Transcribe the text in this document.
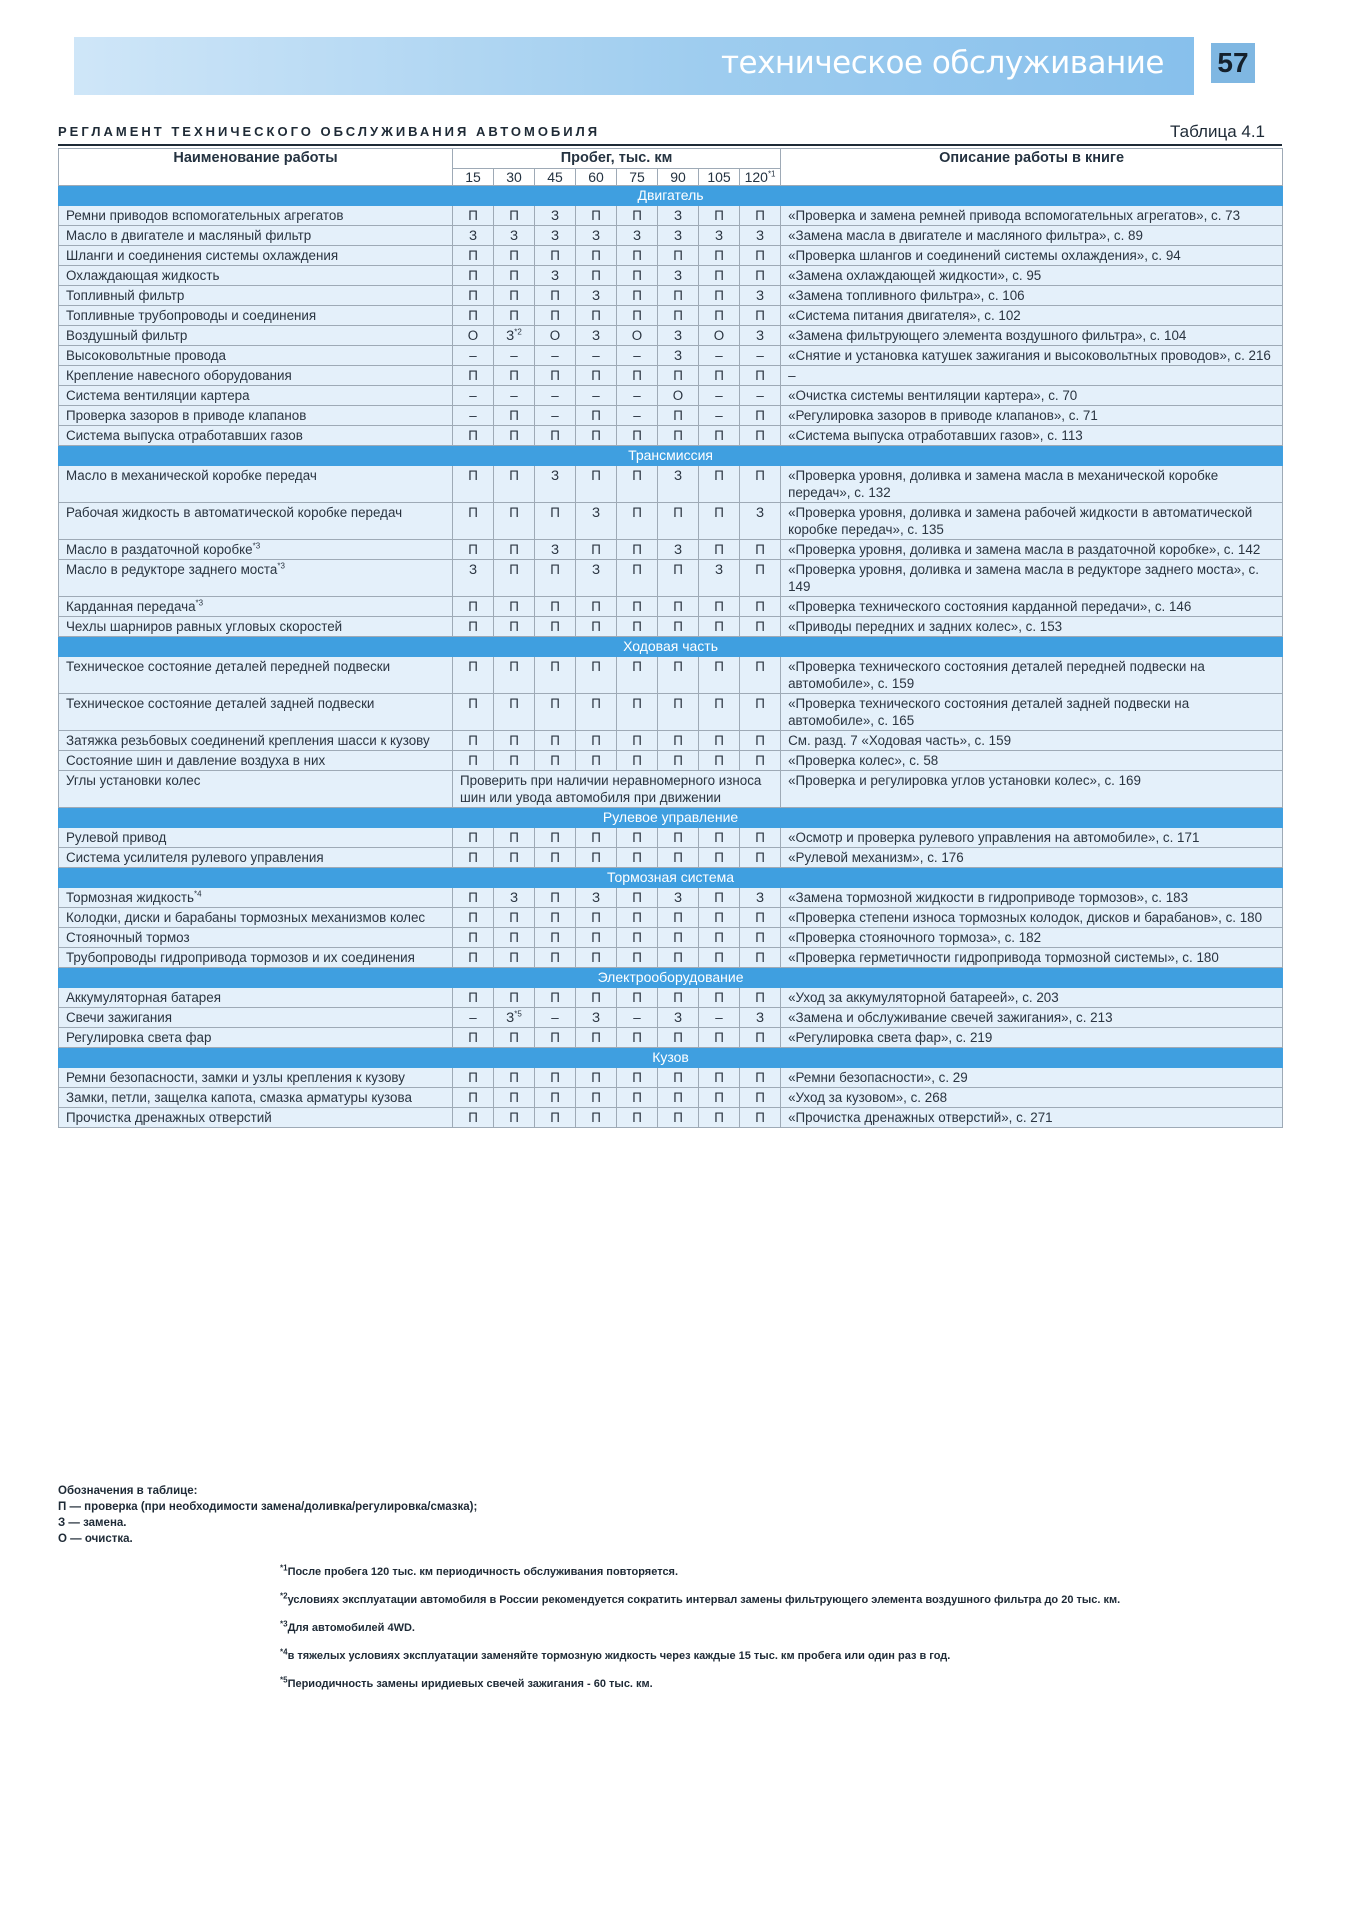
техническое обслуживание 57
РЕГЛАМЕНТ ТЕХНИЧЕСКОГО ОБСЛУЖИВАНИЯ АВТОМОБИЛЯ	Таблица 4.1
Наименование работы	Пробег, тыс. км								Описание работы в книге
	15	30	45	60	75	90	105	120$^{*1}$
Двигатель									
Ремни приводов вспомогательных агрегатов	П	П	З	П	П	З	П	П	«Проверка и замена ремней привода вспомогательных агрегатов», с. 73
Масло в двигателе и масляный фильтр	З	З	З	З	З	З	З	З	«Замена масла в двигателе и масляного фильтра», с. 89
Шланги и соединения системы охлаждения	П	П	П	П	П	П	П	П	«Проверка шлангов и соединений системы охлаждения», с. 94
Охлаждающая жидкость	П	П	З	П	П	З	П	П	«Замена охлаждающей жидкости», с. 95
Топливный фильтр	П	П	П	З	П	П	П	З	«Замена топливного фильтра», с. 106
Топливные трубопроводы и соединения	П	П	П	П	П	П	П	П	«Система питания двигателя», с. 102
Воздушный фильтр	О	$З^{*2}$	О	З	О	З	О	З	«Замена фильтрующего элемента воздушного фильтра», с. 104
Высоковольтные провода	–	–	–	–	–	З	–	–	«Снятие и установка катушек зажигания и высоковольтных проводов», с. 216
Крепление навесного оборудования	П	П	П	П	П	П	П	П	–
Система вентиляции картера	–	–	–	–	–	О	–	–	«Очистка системы вентиляции картера», с. 70
Проверка зазоров в приводе клапанов	–	П	–	П	–	П	–	П	«Регулировка зазоров в приводе клапанов», с. 71
Система выпуска отработавших газов	П	П	П	П	П	П	П	П	«Система выпуска отработавших газов», с. 113
Трансмиссия									
Масло в механической коробке передач	П	П	З	П	П	З	П	П	«Проверка уровня, доливка и замена масла в механической коробке передач», с. 132
Рабочая жидкость в автоматической коробке передач	П	П	П	З	П	П	П	З	«Проверка уровня, доливка и замена рабочей жидкости в автоматической коробке передач», с. 135
Масло в раздаточной коробке$^{*3}$	П	П	З	П	П	З	П	П	«Проверка уровня, доливка и замена масла в раздаточной коробке», с. 142
Масло в редукторе заднего моста$^{*3}$	З	П	П	З	П	П	З	П	«Проверка уровня, доливка и замена масла в редукторе заднего моста», с. 149
Карданная передача$^{*3}$	П	П	П	П	П	П	П	П	«Проверка технического состояния карданной передачи», с. 146
Чехлы шарниров равных угловых скоростей	П	П	П	П	П	П	П	П	«Приводы передних и задних колес», с. 153
Ходовая часть									
Техническое состояние деталей передней подвески	П	П	П	П	П	П	П	П	«Проверка технического состояния деталей передней подвески на автомобиле», с. 159
Техническое состояние деталей задней подвески	П	П	П	П	П	П	П	П	«Проверка технического состояния деталей задней подвески на автомобиле», с. 165
Затяжка резьбовых соединений крепления шасси к кузову	П	П	П	П	П	П	П	П	См. разд. 7 «Ходовая часть», с. 159
Состояние шин и давление воздуха в них	П	П	П	П	П	П	П	П	«Проверка колес», с. 58
Углы установки колес	Проверить при наличии неравномерного износа шин или увода автомобиля при движении								«Проверка и регулировка углов установки колес», с. 169
Рулевое управление									
Рулевой привод	П	П	П	П	П	П	П	П	«Осмотр и проверка рулевого управления на автомобиле», с. 171
Система усилителя рулевого управления	П	П	П	П	П	П	П	П	«Рулевой механизм», с. 176
Тормозная система									
Тормозная жидкость$^{*4}$	П	З	П	З	П	З	П	З	«Замена тормозной жидкости в гидроприводе тормозов», с. 183
Колодки, диски и барабаны тормозных механизмов колес	П	П	П	П	П	П	П	П	«Проверка степени износа тормозных колодок, дисков и барабанов», с. 180
Стояночный тормоз	П	П	П	П	П	П	П	П	«Проверка стояночного тормоза», с. 182
Трубопроводы гидропривода тормозов и их соединения	П	П	П	П	П	П	П	П	«Проверка герметичности гидропривода тормозной системы», с. 180
Электрооборудование									
Аккумуляторная батарея	П	П	П	П	П	П	П	П	«Уход за аккумуляторной батареей», с. 203
Свечи зажигания	–	$З^{*5}$	–	З	–	З	–	З	«Замена и обслуживание свечей зажигания», с. 213
Регулировка света фар	П	П	П	П	П	П	П	П	«Регулировка света фар», с. 219
Кузов									
Ремни безопасности, замки и узлы крепления к кузову	П	П	П	П	П	П	П	П	«Ремни безопасности», с. 29
Замки, петли, защелка капота, смазка арматуры кузова	П	П	П	П	П	П	П	П	«Уход за кузовом», с. 268
Прочистка дренажных отверстий	П	П	П	П	П	П	П	П	«Прочистка дренажных отверстий», с. 271
Обозначения в таблице:
П — проверка (при необходимости замена/доливка/регулировка/смазка);
З — замена.
О — очистка.
$^{*1}$После пробега 120 тыс. км периодичность обслуживания повторяется.
$^{*2}$условиях эксплуатации автомобиля в России рекомендуется сократить интервал замены фильтрующего элемента воздушного фильтра до 20 тыс. км.
$^{*3}$Для автомобилей 4WD.
$^{*4}$в тяжелых условиях эксплуатации заменяйте тормозную жидкость через каждые 15 тыс. км пробега или один раз в год.
$^{*5}$Периодичность замены иридиевых свечей зажигания - 60 тыс. км.
